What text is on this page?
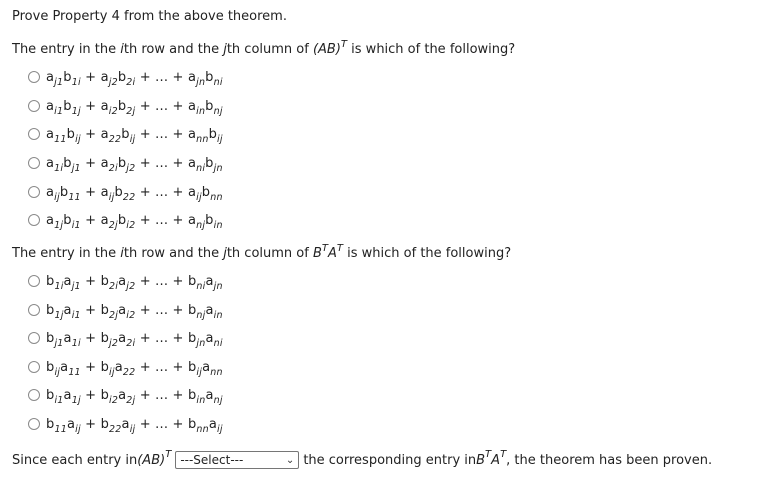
Prove Property 4 from the above theorem.
The entry in the ith row and the jth column of (AB)$^T$ is which of the following?
$a_{j1}b_{1i} + a_{j2}b_{2i}$ + ... + $a_{jn}b_{ni}$
$a_{i1}b_{1j} + a_{i2}b_{2j}$ + ... + $a_{in}b_{nj}$
$a_{11}b_{ij} + a_{22}b_{ij}$ + ... + $a_{nn}b_{ij}$
$a_{1i}b_{j1} + a_{2i}b_{j2}$ + ... + $a_{ni}b_{jn}$
$a_{ij}b_{11} + a_{ij}b_{22}$ + ... + $a_{ij}b_{nn}$
$a_{1j}b_{i1} + a_{2j}b_{i2}$ + ... + $a_{nj}b_{in}$
The entry in the ith row and the jth column of $B^TA^T$ is which of the following?
$b_{1i}a_{j1} + b_{2i}a_{j2}$ + ... + $b_{ni}a_{jn}$
$b_{1j}a_{i1} + b_{2j}a_{i2}$ + ... + $b_{nj}a_{in}$
$b_{j1}a_{1i} + b_{j2}a_{2i}$ + ... + $b_{jn}a_{ni}$
$b_{ij}a_{11} + b_{ij}a_{22}$ + ... + $b_{ij}a_{nn}$
$b_{i1}a_{1j} + b_{i2}a_{2j}$ + ... + $b_{in}a_{nj}$
$b_{11}a_{ij} + b_{22}a_{ij}$ + ... + $b_{nn}a_{ij}$
Since each entry in (AB) T ---Select---	⌄ the corresponding entry in B T A T , the theorem has been proven.
